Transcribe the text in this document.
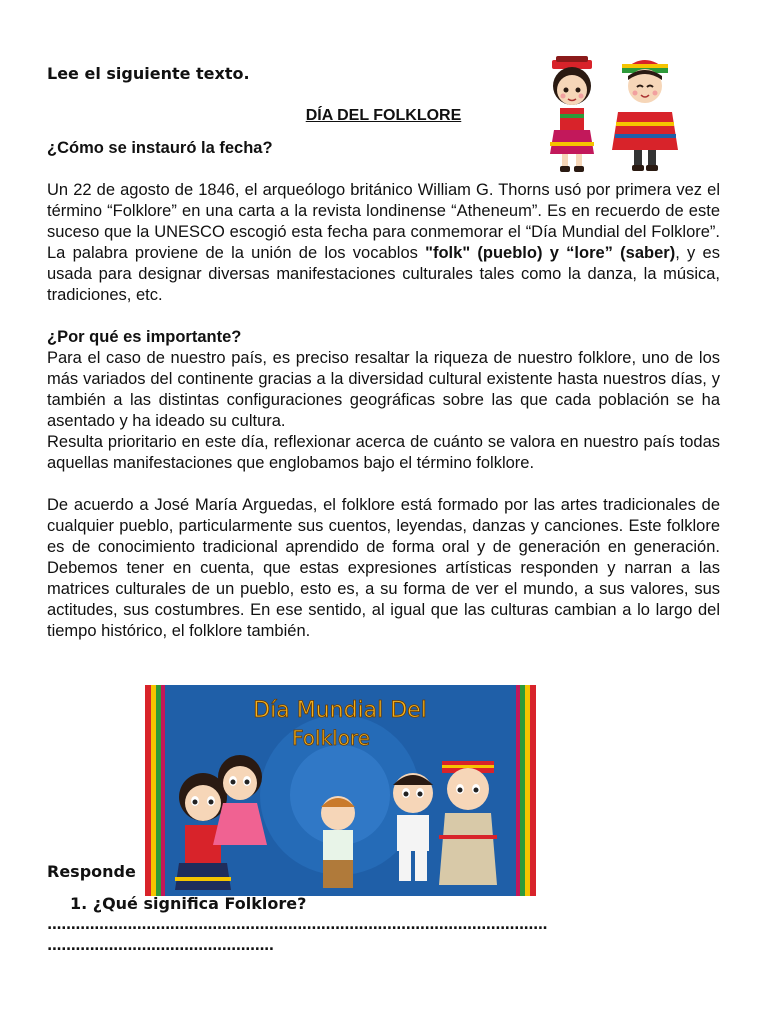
Lee el siguiente texto.

DÍA DEL FOLKLORE

¿Cómo se instauró la fecha?

Un 22 de agosto de 1846, el arqueólogo británico William G. Thorns usó por primera vez el término “Folklore” en una carta a la revista londinense “Atheneum”. Es en recuerdo de este suceso que la UNESCO escogió esta fecha para conmemorar el “Día Mundial del Folklore”. La palabra proviene de la unión de los vocablos "folk" (pueblo) y “lore” (saber), y es usada para designar diversas manifestaciones culturales tales como la danza, la música, tradiciones, etc.

¿Por qué es importante?

Para el caso de nuestro país, es preciso resaltar la riqueza de nuestro folklore, uno de los más variados del continente gracias a la diversidad cultural existente hasta nuestros días, y también a las distintas configuraciones geográficas sobre las que cada población se ha asentado y ha ideado su cultura.

Resulta prioritario en este día, reflexionar acerca de cuánto se valora en nuestro país todas aquellas manifestaciones que englobamos bajo el término folklore.

De acuerdo a José María Arguedas, el folklore está formado por las artes tradicionales de cualquier pueblo, particularmente sus cuentos, leyendas, danzas y canciones. Este folklore es de conocimiento tradicional aprendido de forma oral y de generación en generación. Debemos tener en cuenta, que estas expresiones artísticas responden y narran a las matrices culturales de un pueblo, esto es, a su forma de ver el mundo, a sus valores, sus actitudes, sus costumbres. En ese sentido, al igual que las culturas cambian a lo largo del tiempo histórico, el folklore también.

Día Mundial Del
Folklore
Responde
1. ¿Qué significa Folklore?
..........................................................................................................
................................................
